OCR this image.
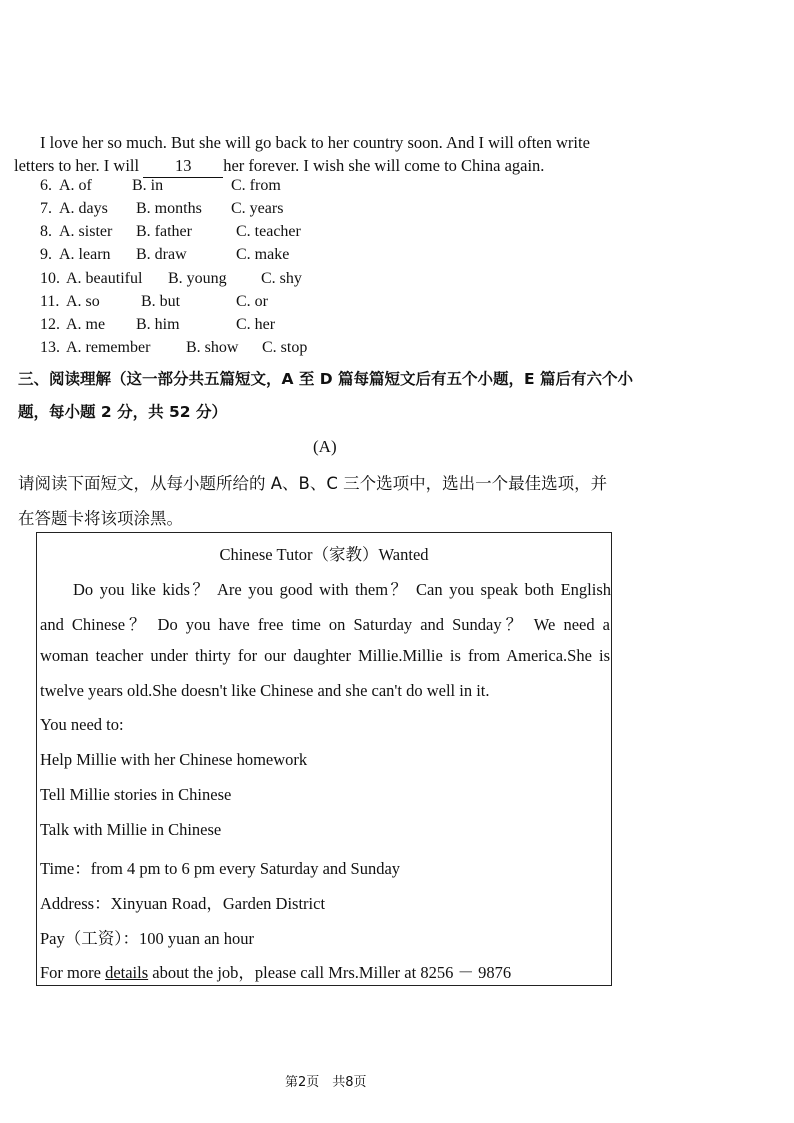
I love her so much. But she will go back to her country soon. And I will often write
letters to her. I will 13 her forever. I wish she will come to China again.
6. A. of	B. in	C. from
7. A. days B. months C. years
8. A. sister B. father	C. teacher
9. A. learn B. draw	C. make
10. A. beautiful B. young C. shy
11. A. so	B. but	C. or
12. A. me B. him	C. her
13. A. remember B. show C. stop
三、阅读理解（这一部分共五篇短文，A 至 D 篇每篇短文后有五个小题，E 篇后有六个小
题，每小题 2 分，共 52 分）
(A)
请阅读下面短文，从每小题所给的 A、B、C 三个选项中，选出一个最佳选项，并
在答题卡将该项涂黑。
Chinese Tutor（家教）Wanted
Do you like kids？ Are you good with them？ Can you speak both English
and Chinese？ Do you have free time on Saturday and Sunday？ We need a
woman teacher under thirty for our daughter Millie.Millie is from America.She is
twelve years old.She doesn't like Chinese and she can't do well in it.
You need to:
Help Millie with her Chinese homework
Tell Millie stories in Chinese
Talk with Millie in Chinese
Time：from 4 pm to 6 pm every Saturday and Sunday
Address：Xinyuan Road，Garden District
Pay（工资）：100 yuan an hour
For more details about the job，please call Mrs.Miller at 8256 － 9876
第2页　共8页
